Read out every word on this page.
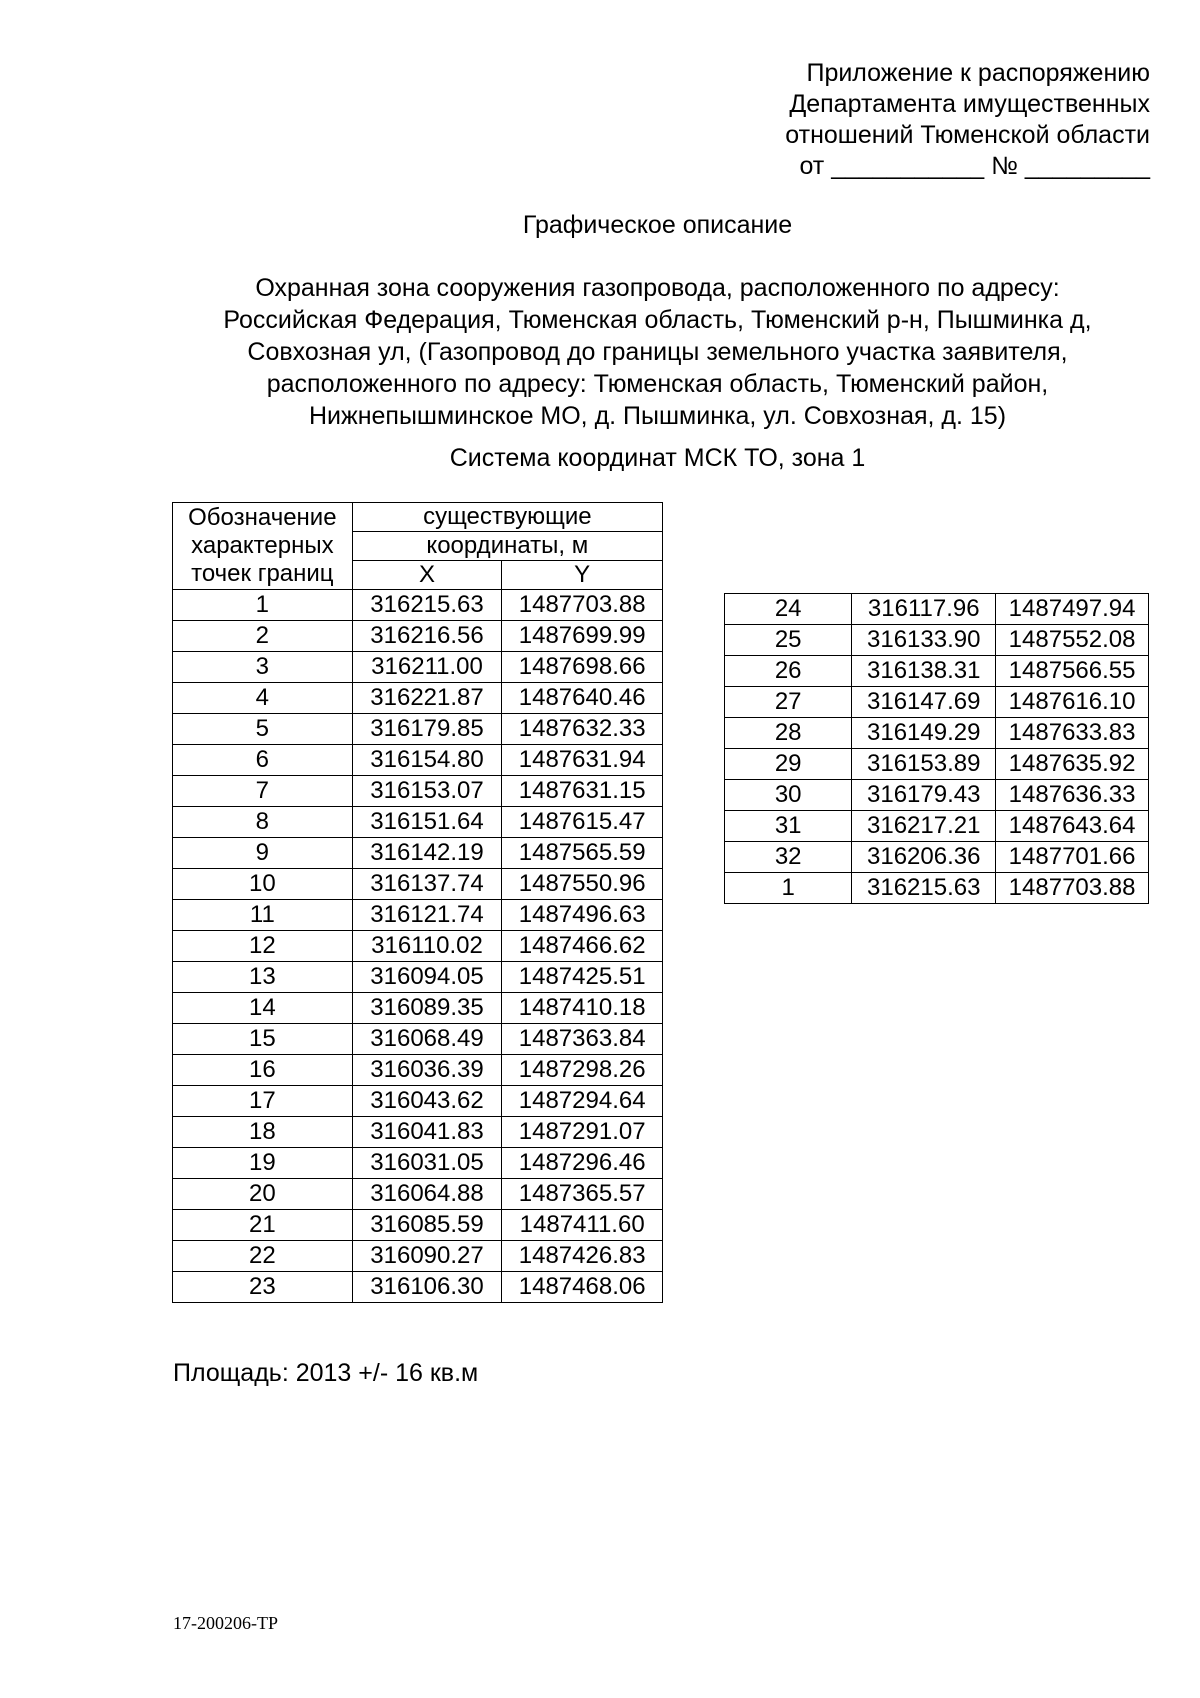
Приложение к распоряжению
Департамента имущественных
отношений Тюменской области
от ___________ № _________
Графическое описание
Охранная зона сооружения газопровода, расположенного по адресу:
Российская Федерация, Тюменская область, Тюменский р-н, Пышминка д,
Совхозная ул, (Газопровод до границы земельного участка заявителя,
расположенного по адресу: Тюменская область, Тюменский район,
Нижнепышминское МО, д. Пышминка, ул. Совхозная, д. 15)
Система координат МСК ТО, зона 1
Обозначение
характерных
точек границ	существующие	
	координаты, м	
	X	Y
1	316215.63	1487703.88
2	316216.56	1487699.99
3	316211.00	1487698.66
4	316221.87	1487640.46
5	316179.85	1487632.33
6	316154.80	1487631.94
7	316153.07	1487631.15
8	316151.64	1487615.47
9	316142.19	1487565.59
10	316137.74	1487550.96
11	316121.74	1487496.63
12	316110.02	1487466.62
13	316094.05	1487425.51
14	316089.35	1487410.18
15	316068.49	1487363.84
16	316036.39	1487298.26
17	316043.62	1487294.64
18	316041.83	1487291.07
19	316031.05	1487296.46
20	316064.88	1487365.57
21	316085.59	1487411.60
22	316090.27	1487426.83
23	316106.30	1487468.06
24	316117.96	1487497.94
25	316133.90	1487552.08
26	316138.31	1487566.55
27	316147.69	1487616.10
28	316149.29	1487633.83
29	316153.89	1487635.92
30	316179.43	1487636.33
31	316217.21	1487643.64
32	316206.36	1487701.66
1	316215.63	1487703.88
Площадь: 2013 +/- 16 кв.м
17-200206-ТР
